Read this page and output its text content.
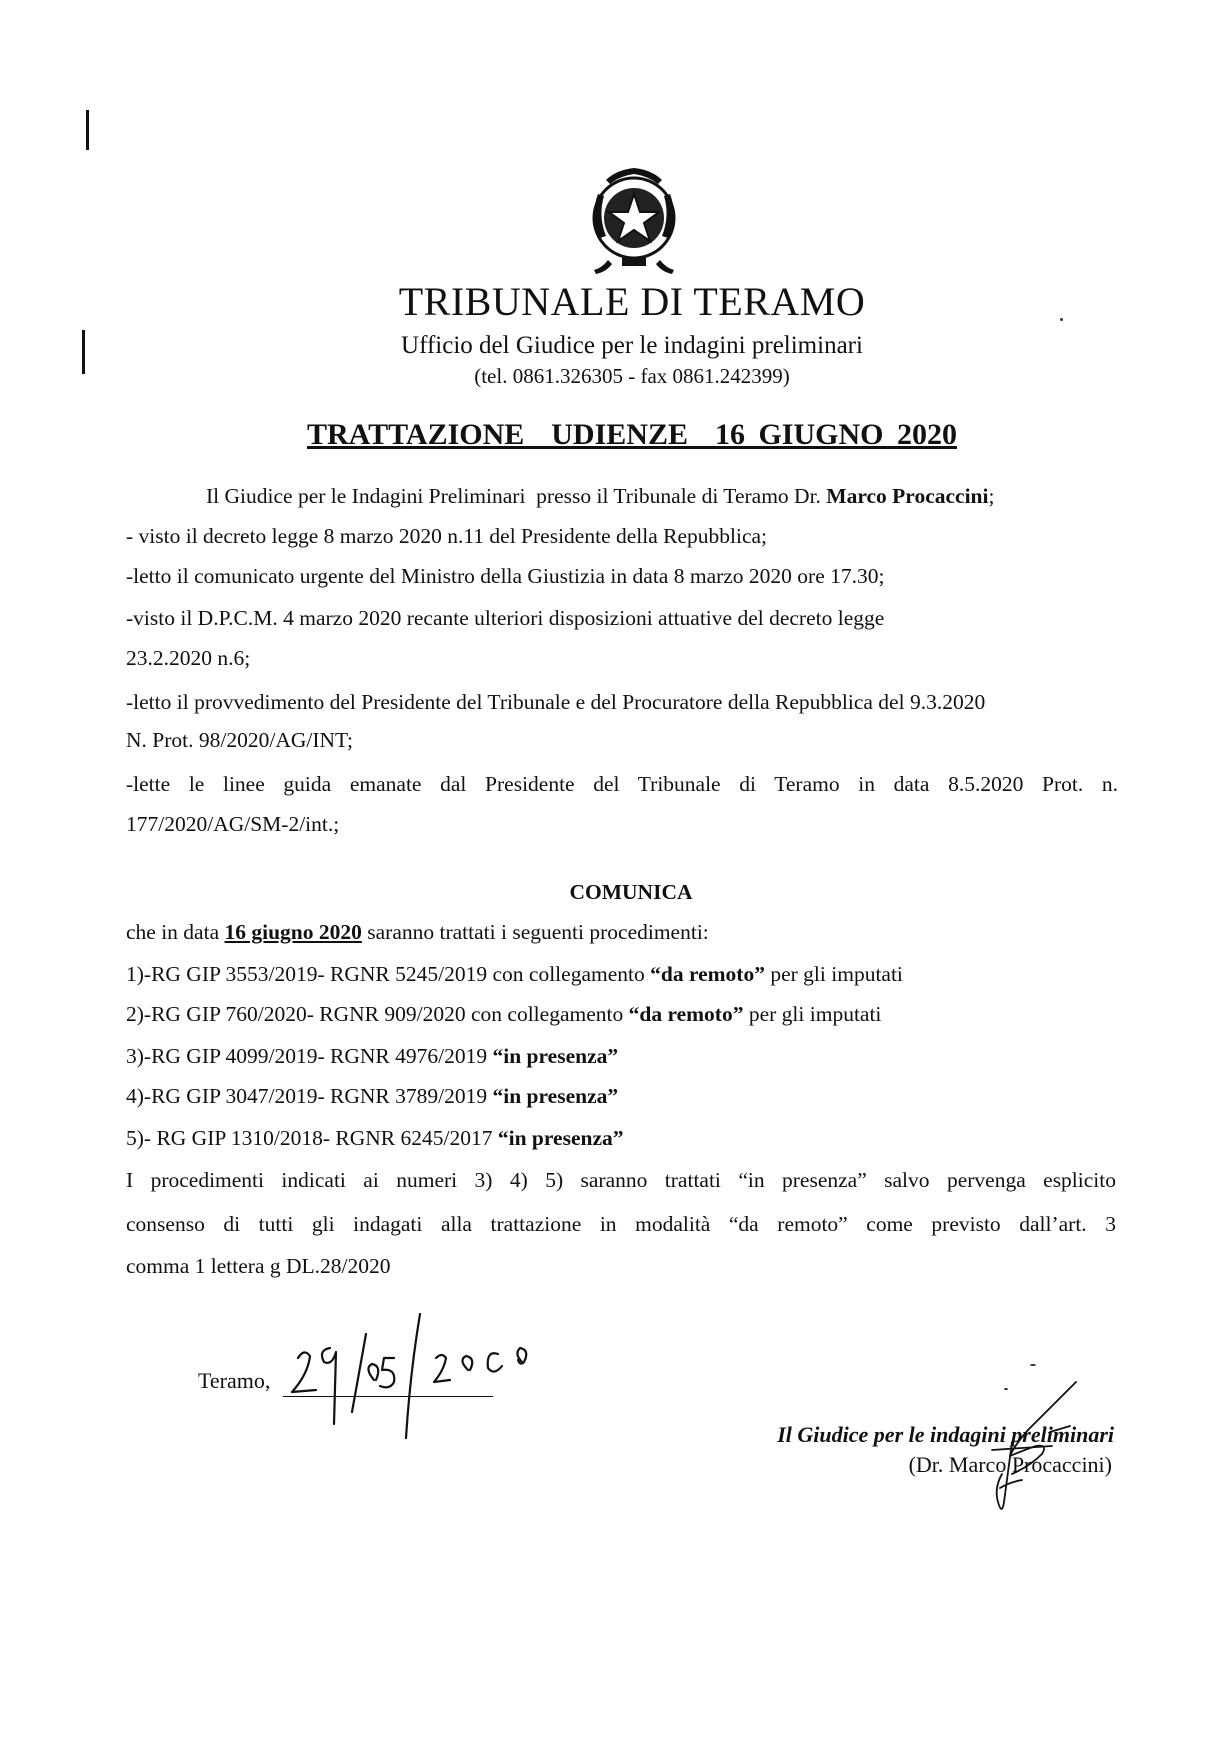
TRIBUNALE DI TERAMO
Ufficio del Giudice per le indagini preliminari
(tel. 0861.326305 - fax 0861.242399)
TRATTAZIONE  UDIENZE  16 GIUGNO 2020
Il Giudice per le Indagini Preliminari  presso il Tribunale di Teramo Dr. Marco Procaccini;
- visto il decreto legge 8 marzo 2020 n.11 del Presidente della Repubblica;
-letto il comunicato urgente del Ministro della Giustizia in data 8 marzo 2020 ore 17.30;
-visto il D.P.C.M. 4 marzo 2020 recante ulteriori disposizioni attuative del decreto legge
23.2.2020 n.6;
-letto il provvedimento del Presidente del Tribunale e del Procuratore della Repubblica del 9.3.2020
N. Prot. 98/2020/AG/INT;
-lette le linee guida emanate dal Presidente del Tribunale di Teramo in data 8.5.2020 Prot. n.
177/2020/AG/SM-2/int.;
COMUNICA
che in data 16 giugno 2020 saranno trattati i seguenti procedimenti:
1)-RG GIP 3553/2019- RGNR 5245/2019 con collegamento “da remoto” per gli imputati
2)-RG GIP 760/2020- RGNR 909/2020 con collegamento “da remoto” per gli imputati
3)-RG GIP 4099/2019- RGNR 4976/2019 “in presenza”
4)-RG GIP 3047/2019- RGNR 3789/2019 “in presenza”
5)- RG GIP 1310/2018- RGNR 6245/2017 “in presenza”
I procedimenti indicati ai numeri 3) 4) 5) saranno trattati “in presenza” salvo pervenga esplicito
consenso di tutti gli indagati alla trattazione in modalità “da remoto” come previsto dall’art. 3
comma 1 lettera g DL.28/2020
Teramo,
Il Giudice per le indagini preliminari
(Dr. Marco Procaccini)
